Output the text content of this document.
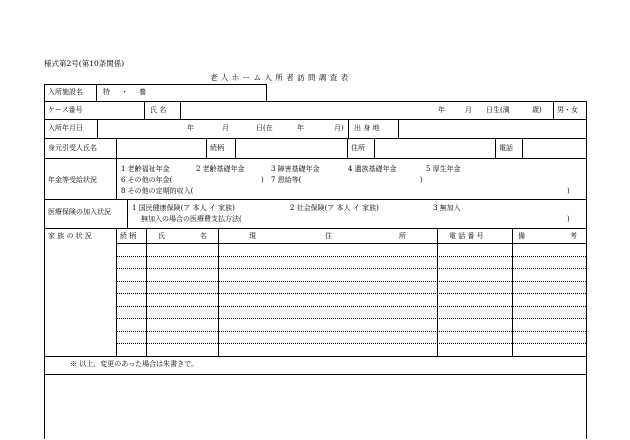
様式第2号(第10条関係)
老 人 ホ ー ム 入 所 者 訪 問 調 査 表
入所施設名	特 ・ 養
ケース番号	氏 名	年	月 日生(満	歳) 男・女
入所年月日	年	月	日(在	年	月) 出 身 地
身元引受人氏名	続柄	住所	電話
年金等受給状況
1 老齢福祉年金	2 老齢基礎年金	3 障害基礎年金	4 遺族基礎年金	5 厚生年金
6 その他の年金(	) 7 恩給等(	)
8 その他の定期的収入(	)
医療保険の加入状況	1 国民健康保険(ア 本人 イ 家族)	2 社会保険(ア 本人 イ 家族)	3 無加入
無加入の場合の医療費支払方法(	)
家 族 の 状 況	続 柄	氏	名	現	住	所	電 話 番 号	備	考
※ 以上、変更のあった場合は朱書きで。
